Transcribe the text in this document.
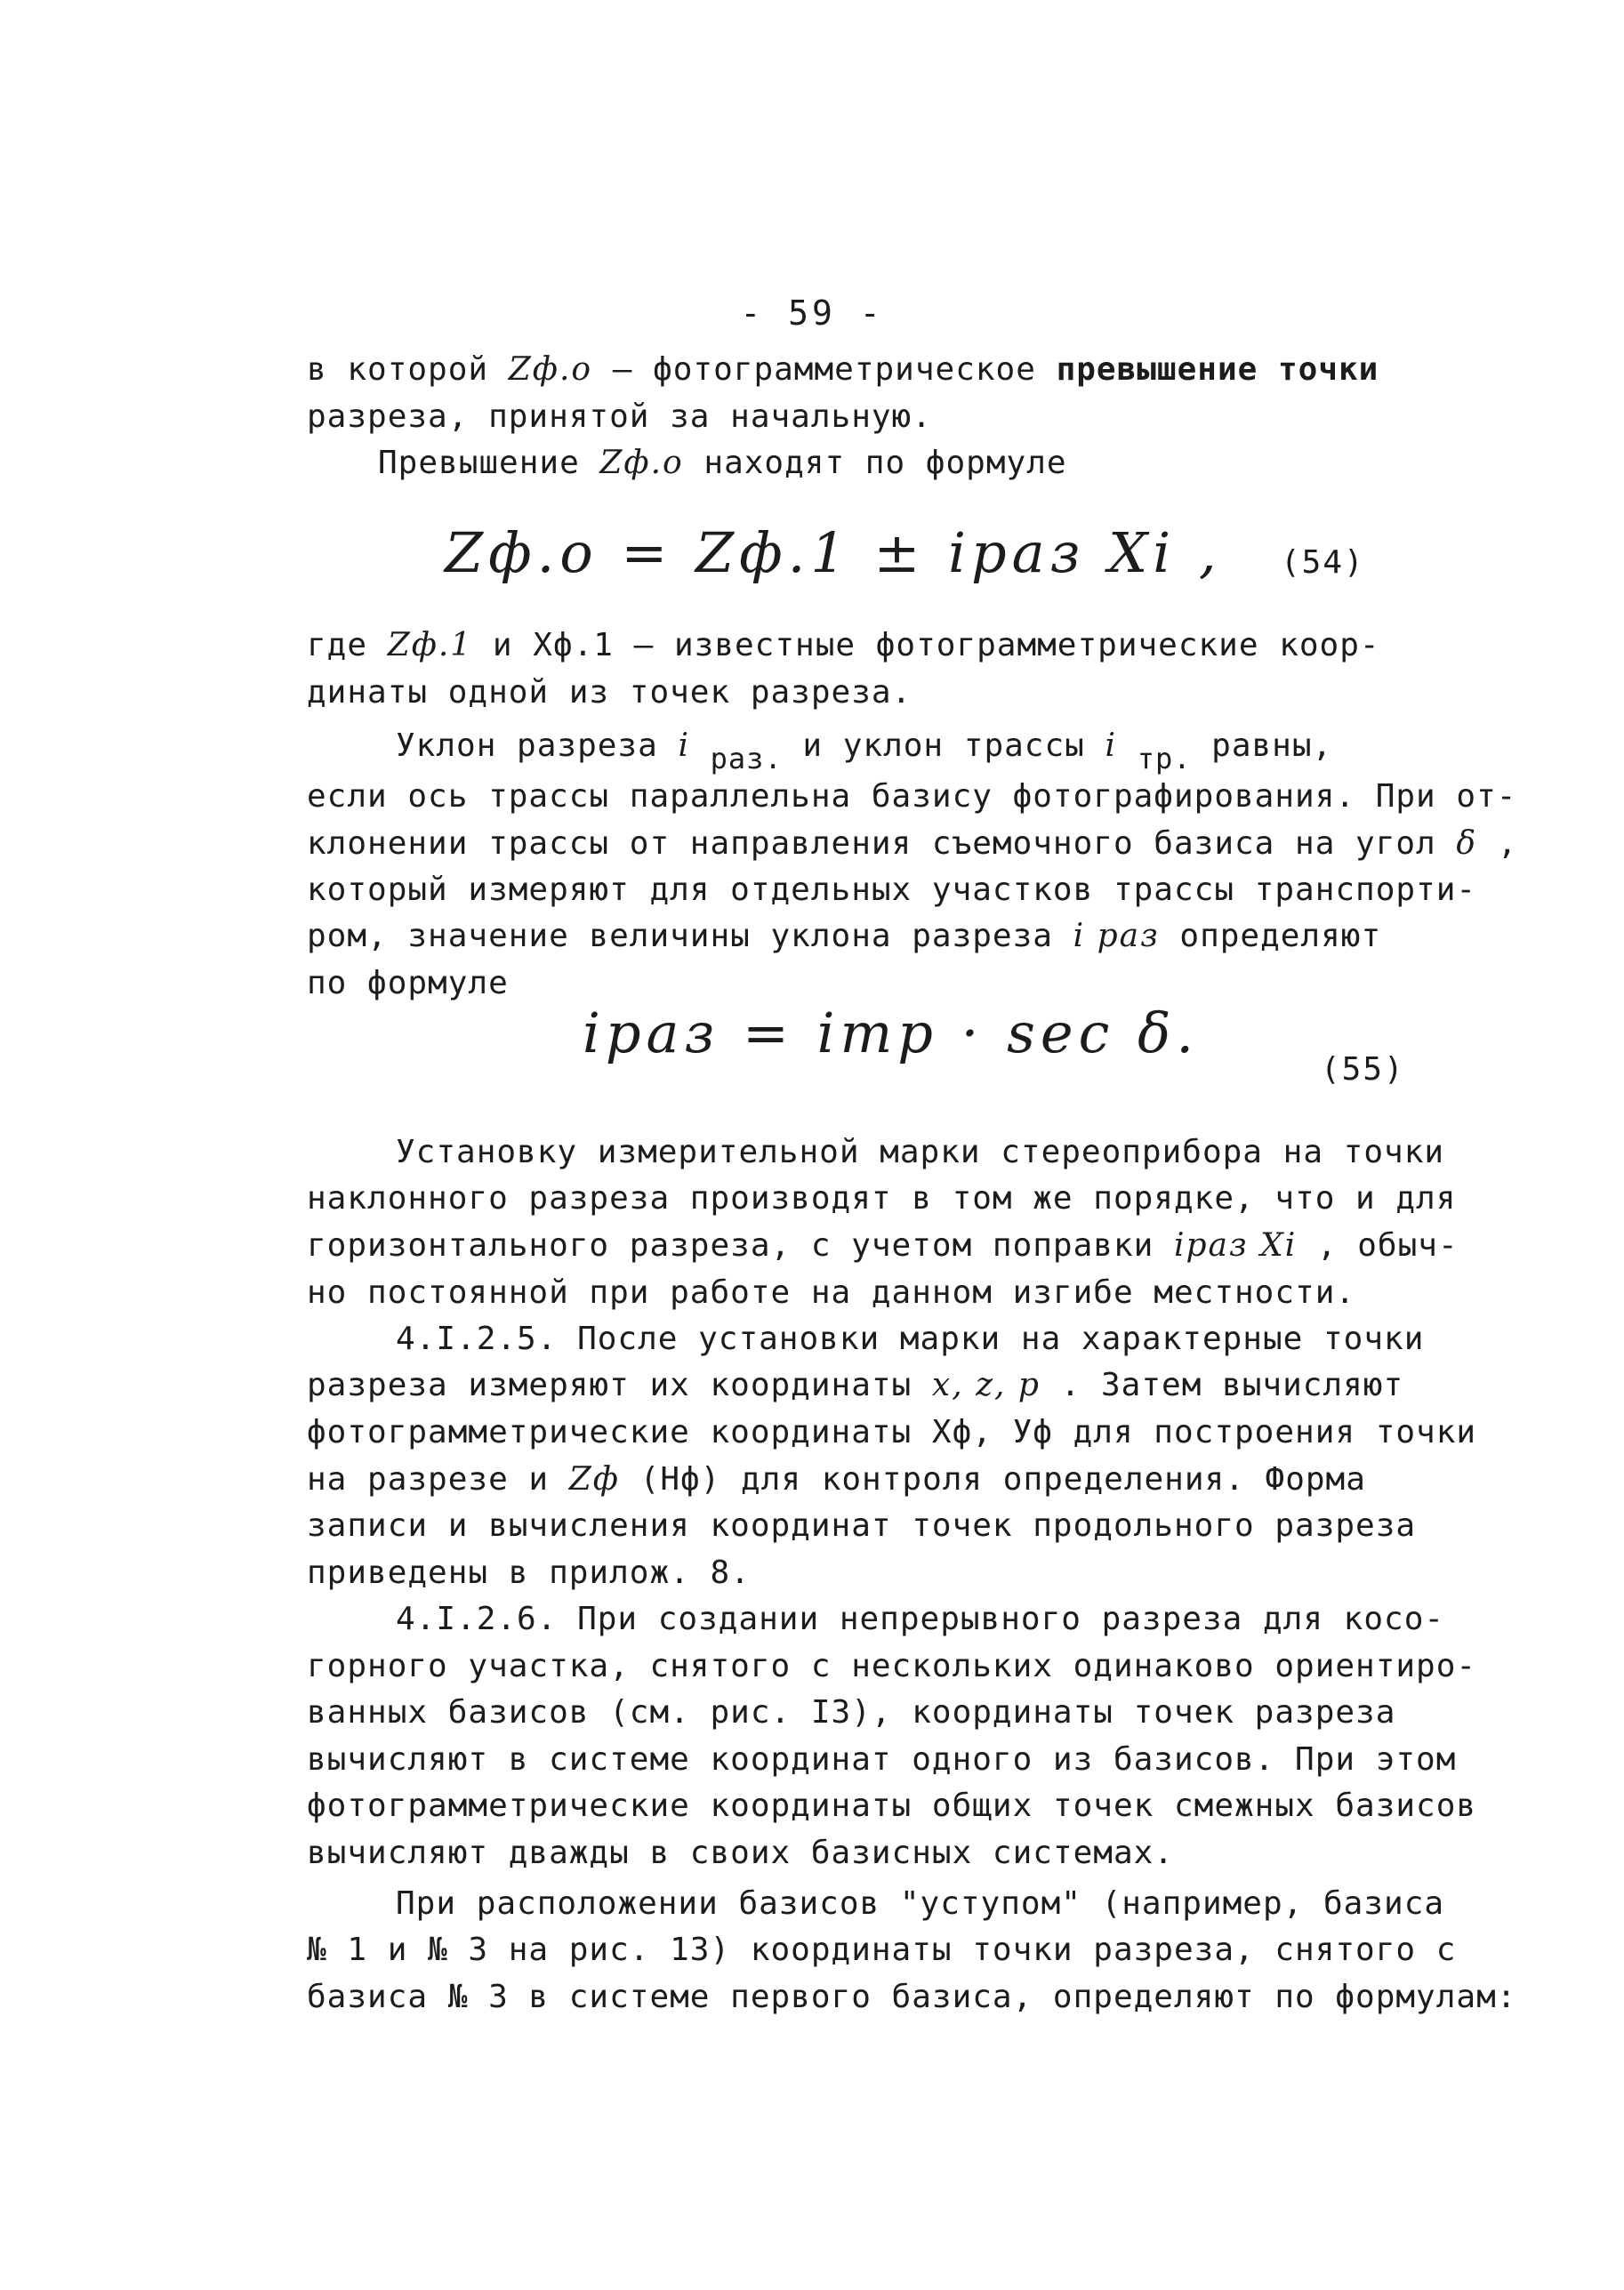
- 59 -
в которой Zф.о – фотограмметрическое превышение точки
разреза, принятой за начальную.
Превышение Zф.о находят по формуле
Zф.о = Zф.1 ± iраз Xi , (54)
где Zф.1 и Хф.1 – известные фотограмметрические коор-
динаты одной из точек разреза.
Уклон разреза i раз. и уклон трассы i тр. равны,
если ось трассы параллельна базису фотографирования. При от-
клонении трассы от направления съемочного базиса на угол δ ,
который измеряют для отдельных участков трассы транспорти-
ром, значение величины уклона разреза i раз определяют
по формуле
iраз = iтр · sec δ.
(55)
Установку измерительной марки стереоприбора на точки
наклонного разреза производят в том же порядке, что и для
горизонтального разреза, с учетом поправки iраз Xi , обыч-
но постоянной при работе на данном изгибе местности.
4.I.2.5. После установки марки на характерные точки
разреза измеряют их координаты x, z, p . Затем вычисляют
фотограмметрические координаты Хф, Уф для построения точки
на разрезе и Zф (Нф) для контроля определения. Форма
записи и вычисления координат точек продольного разреза
приведены в прилож. 8.
4.I.2.6. При создании непрерывного разреза для косо-
горного участка, снятого с нескольких одинаково ориентиро-
ванных базисов (см. рис. I3), координаты точек разреза
вычисляют в системе координат одного из базисов. При этом
фотограмметрические координаты общих точек смежных базисов
вычисляют дважды в своих базисных системах.
При расположении базисов "уступом" (например, базиса
№ 1 и № 3 на рис. 13) координаты точки разреза, снятого с
базиса № 3 в системе первого базиса, определяют по формулам:
